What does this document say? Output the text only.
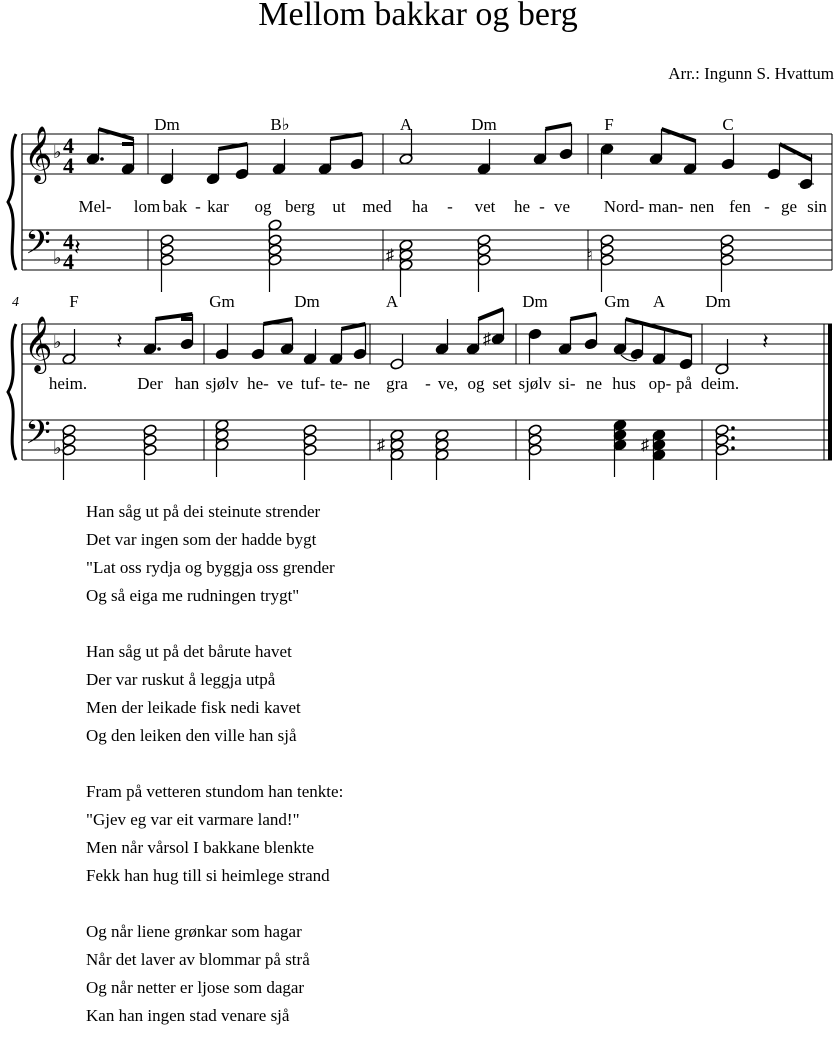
Mellom bakkar og berg
Arr.: Ingunn S. Hvattum
𝄞
𝄢
♭
♭
4
4
4
4
𝄞
𝄢
♭
♭
𝄽	♯	𝄽
𝄽	♯	♮
♯	♯
4
Dm	B♭	A	Dm	F	C
F	Gm	Dm	A	Dm	Gm A Dm
Mel- lom bak - kar og berg ut med ha - vet he - ve Nord- man- nen fen - ge sin
heim.	Der han sjølv he- ve tuf- te- ne gra - ve, og set sjølv si- ne hus op- på deim.
Han såg ut på dei steinute strender
Det var ingen som der hadde bygt
"Lat oss rydja og byggja oss grender
Og så eiga me rudningen trygt"
Han såg ut på det bårute havet
Der var ruskut å leggja utpå
Men der leikade fisk nedi kavet
Og den leiken den ville han sjå
Fram på vetteren stundom han tenkte:
"Gjev eg var eit varmare land!"
Men når vårsol I bakkane blenkte
Fekk han hug till si heimlege strand
Og når liene grønkar som hagar
Når det laver av blommar på strå
Og når netter er ljose som dagar
Kan han ingen stad venare sjå
